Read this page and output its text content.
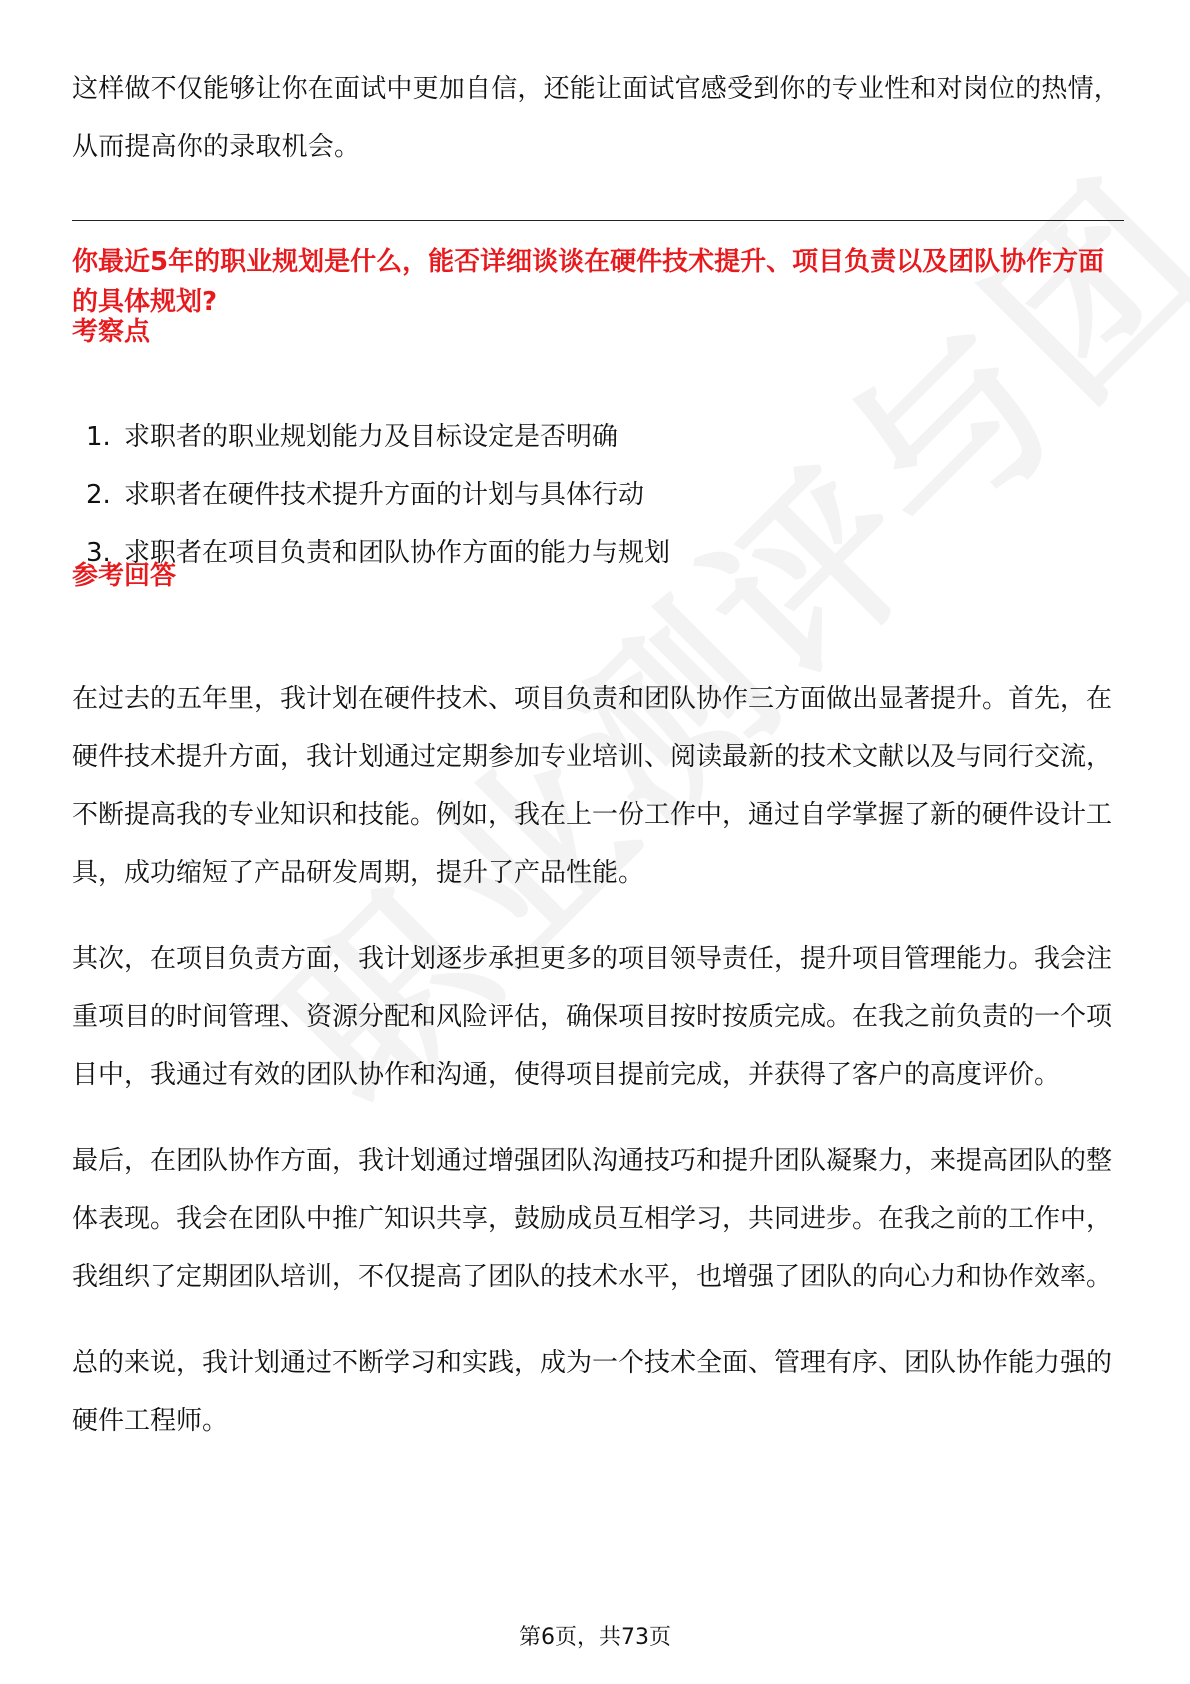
这样做不仅能够让你在面试中更加自信，还能让面试官感受到你的专业性和对岗位的热情，从而提高你的录取机会。

你最近5年的职业规划是什么，能否详细谈谈在硬件技术提升、项目负责以及团队协作方面的具体规划?
考察点
1. 求职者的职业规划能力及目标设定是否明确
2. 求职者在硬件技术提升方面的计划与具体行动
3. 求职者在项目负责和团队协作方面的能力与规划
参考回答

在过去的五年里，我计划在硬件技术、项目负责和团队协作三方面做出显著提升。首先，在硬件技术提升方面，我计划通过定期参加专业培训、阅读最新的技术文献以及与同行交流，不断提高我的专业知识和技能。例如，我在上一份工作中，通过自学掌握了新的硬件设计工具，成功缩短了产品研发周期，提升了产品性能。

其次，在项目负责方面，我计划逐步承担更多的项目领导责任，提升项目管理能力。我会注重项目的时间管理、资源分配和风险评估，确保项目按时按质完成。在我之前负责的一个项目中，我通过有效的团队协作和沟通，使得项目提前完成，并获得了客户的高度评价。

最后，在团队协作方面，我计划通过增强团队沟通技巧和提升团队凝聚力，来提高团队的整体表现。我会在团队中推广知识共享，鼓励成员互相学习，共同进步。在我之前的工作中，我组织了定期团队培训，不仅提高了团队的技术水平，也增强了团队的向心力和协作效率。

总的来说，我计划通过不断学习和实践，成为一个技术全面、管理有序、团队协作能力强的硬件工程师。

第6页，共73页
